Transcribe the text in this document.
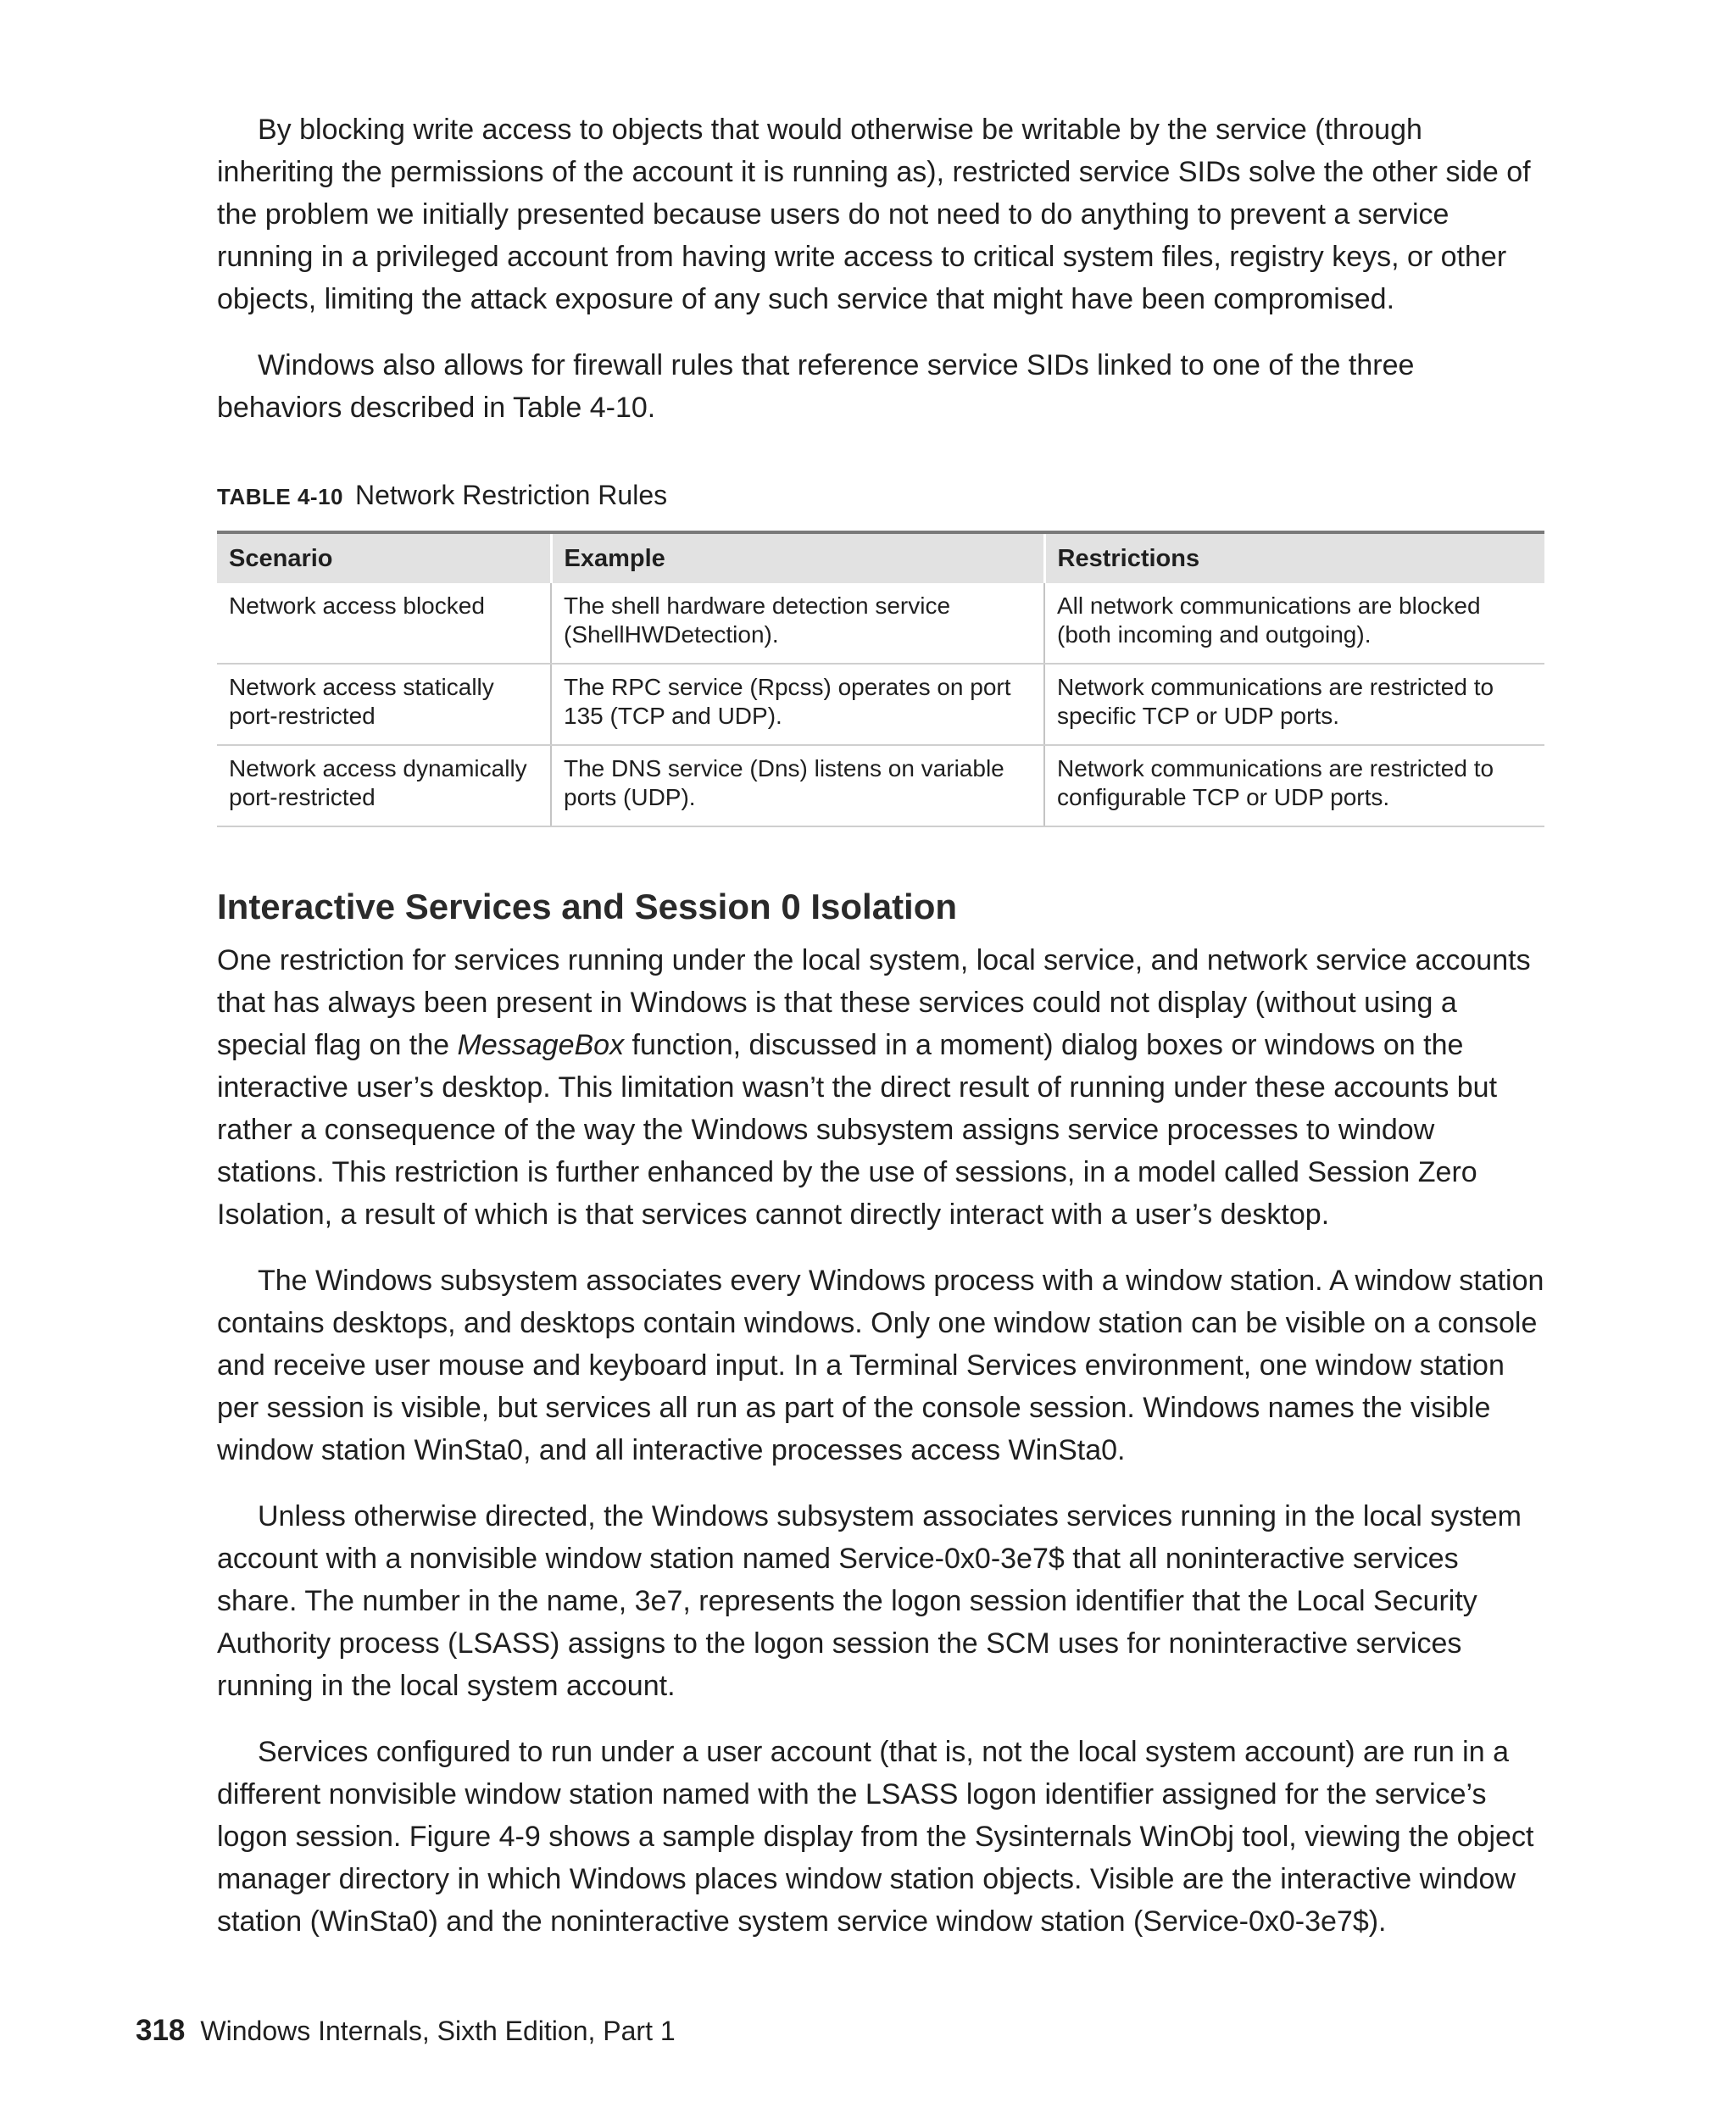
By blocking write access to objects that would otherwise be writable by the service (through inheriting the permissions of the account it is running as), restricted service SIDs solve the other side of the problem we initially presented because users do not need to do anything to prevent a service running in a privileged account from having write access to critical system files, registry keys, or other objects, limiting the attack exposure of any such service that might have been compromised.

Windows also allows for firewall rules that reference service SIDs linked to one of the three behaviors described in Table 4-10.

TABLE 4-10 Network Restriction Rules
Scenario	Example	Restrictions
Network access blocked	The shell hardware detection service (ShellHWDetection).	All network communications are blocked (both incoming and outgoing).
Network access statically port-restricted	The RPC service (Rpcss) operates on port 135 (TCP and UDP).	Network communications are restricted to specific TCP or UDP ports.
Network access dynamically port-restricted	The DNS service (Dns) listens on variable ports (UDP).	Network communications are restricted to configurable TCP or UDP ports.
Interactive Services and Session 0 Isolation

One restriction for services running under the local system, local service, and network service accounts that has always been present in Windows is that these services could not display (without using a special flag on the MessageBox function, discussed in a moment) dialog boxes or windows on the interactive user’s desktop. This limitation wasn’t the direct result of running under these accounts but rather a consequence of the way the Windows subsystem assigns service processes to window stations. This restriction is further enhanced by the use of sessions, in a model called Session Zero Isolation, a result of which is that services cannot directly interact with a user’s desktop.

The Windows subsystem associates every Windows process with a window station. A window station contains desktops, and desktops contain windows. Only one window station can be visible on a console and receive user mouse and keyboard input. In a Terminal Services environment, one window station per session is visible, but services all run as part of the console session. Windows names the visible window station WinSta0, and all interactive processes access WinSta0.

Unless otherwise directed, the Windows subsystem associates services running in the local system account with a nonvisible window station named Service-0x0-3e7$ that all noninteractive services share. The number in the name, 3e7, represents the logon session identifier that the Local Security Authority process (LSASS) assigns to the logon session the SCM uses for noninteractive services running in the local system account.

Services configured to run under a user account (that is, not the local system account) are run in a different nonvisible window station named with the LSASS logon identifier assigned for the service’s logon session. Figure 4-9 shows a sample display from the Sysinternals WinObj tool, viewing the object manager directory in which Windows places window station objects. Visible are the interactive window station (WinSta0) and the noninteractive system service window station (Service-0x0-3e7$).

318 Windows Internals, Sixth Edition, Part 1
